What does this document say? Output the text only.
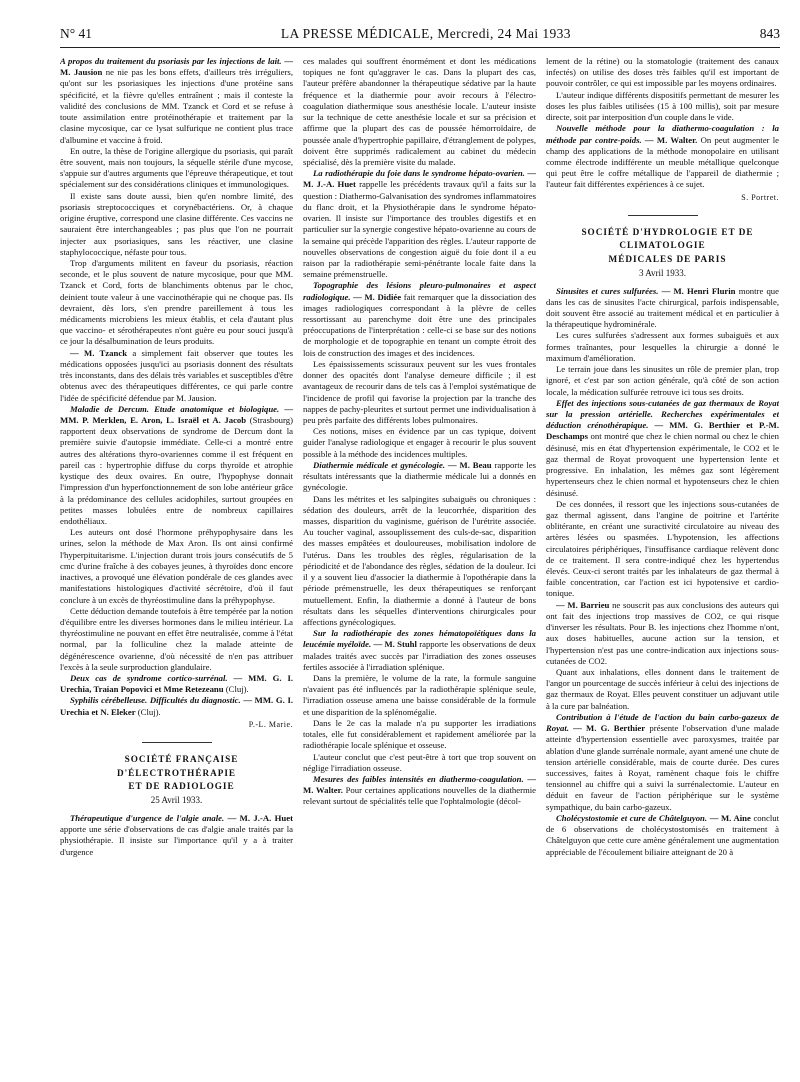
N° 41	LA PRESSE MÉDICALE, Mercredi, 24 Mai 1933	843

A propos du traitement du psoriasis par les injections de lait. — M. Jausion ne nie pas les bons effets, d'ailleurs très irréguliers, qu'ont sur les psoriasiques les injections d'une protéine sans spécificité, et la fièvre qu'elles entraînent ; mais il conteste la validité des conclusions de MM. Tzanck et Cord et se refuse à toute assimilation entre protéinothérapie et traitement par la clasine mycosique, car ce lysat sulfurique ne contient plus trace d'albumine et vaccine à froid.

En outre, la thèse de l'origine allergique du psoriasis, qui paraît être souvent, mais non toujours, la séquelle stérile d'une mycose, s'appuie sur d'autres arguments que l'épreuve thérapeutique, et tout spécialement sur des considérations cliniques et immunologiques.

Il existe sans doute aussi, bien qu'en nombre limité, des psoriasis streptococciques et corynébactériens. Or, à chaque origine éruptive, correspond une clasine différente. Ces vaccins ne sauraient être interchangeables ; pas plus que l'on ne pourrait injecter aux psoriasiques, sans les réactiver, une clasine staphylococcique, néfaste pour tous.

Trop d'arguments militent en faveur du psoriasis, réaction seconde, et le plus souvent de nature mycosique, pour que MM. Tzanck et Cord, forts de blanchiments obtenus par le choc, deinient toute valeur à une vaccinothérapie qui ne choque pas. Ils devraient, dès lors, s'en prendre pareillement à tous les médicaments microbiens les mieux établis, et cela d'autant plus que vaccino- et sérothérapeutes n'ont guère eu pour souci jusqu'à ce jour la désalbumination de leurs produits.

— M. Tzanck a simplement fait observer que toutes les médications opposées jusqu'ici au psoriasis donnent des résultats très inconstants, dans des délais très variables et susceptibles d'être obtenus avec des thérapeutiques différentes, ce qui parle contre l'idée de spécificité défendue par M. Jausion.

Maladie de Dercum. Etude anatomique et biologique. — MM. P. Merklen, E. Aron, L. Israël et A. Jacob (Strasbourg) rapportent deux observations de syndrome de Dercum dont la première suivie d'autopsie immédiate. Celle-ci a montré entre autres des altérations thyro-ovariennes comme il est fréquent en pareil cas : hypertrophie diffuse du corps thyroïde et atrophie kystique des deux ovaires. En outre, l'hypophyse donnait l'impression d'un hyperfonctionnement de son lobe antérieur grâce à la prédominance des cellules acidophiles, surtout groupées en petites masses lobulées entre de nombreux capillaires endothéliaux.

Les auteurs ont dosé l'hormone préhypophysaire dans les urines, selon la méthode de Max Aron. Ils ont ainsi confirmé l'hyperpituitarisme. L'injection durant trois jours consécutifs de 5 cmc d'urine fraîche à des cobayes jeunes, à thyroïdes donc encore inactives, a provoqué une élévation pondérale de ces glandes avec manifestations histologiques d'activité sécrétoire, d'où il faut conclure à un excès de thyréostimuline dans la préhypophyse.

Cette déduction demande toutefois à être tempérée par la notion d'équilibre entre les diverses hormones dans le milieu intérieur. La thyréostimuline ne pouvant en effet être neutralisée, comme à l'état normal, par la folliculine chez la malade atteinte de dégénérescence ovarienne, d'où nécessité de n'en pas attribuer l'excès à la seule surproduction glandulaire.

Deux cas de syndrome cortico-surrénal. — MM. G. I. Urechia, Traian Popovici et Mme Retezeanu (Cluj).

Syphilis cérébelleuse. Difficultés du diagnostic. — MM. G. I. Urechia et N. Eleker (Cluj).

P.-L. Marie.

SOCIÉTÉ FRANÇAISE D'ÉLECTROTHÉRAPIE

ET DE RADIOLOGIE

25 Avril 1933.

Thérapeutique d'urgence de l'algie anale. — M. J.-A. Huet apporte une série d'observations de cas d'algie anale traités par la physiothérapie. Il insiste sur l'importance qu'il y a à traiter d'urgence

ces malades qui souffrent énormément et dont les médications topiques ne font qu'aggraver le cas. Dans la plupart des cas, l'auteur préfère abandonner la thérapeutique sédative par la haute fréquence et la diathermie pour avoir recours à l'électro-coagulation diathermique sous anesthésie locale. L'auteur insiste sur la technique de cette anesthésie locale et sur sa précision et affirme que la plupart des cas de poussée hémorroïdaire, de poussée anale d'hypertrophie papillaire, d'étranglement de polypes, doivent être supprimés radicalement au cabinet du médecin spécialisé, dès la première visite du malade.

La radiothérapie du foie dans le syndrome hépato-ovarien. — M. J.-A. Huet rappelle les précédents travaux qu'il a faits sur la question : Diathermo-Galvanisation des syndromes inflammatoires du flanc droit, et la Physiothérapie dans le syndrome hépato-ovarien. Il insiste sur l'importance des troubles digestifs et en particulier sur la synergie congestive hépato-ovarienne au cours de la semaine qui précède l'apparition des règles. L'auteur rapporte de nouvelles observations de congestion aiguë du foie dont il a eu raison par la radiothérapie semi-pénétrante locale faite dans la semaine prémenstruelle.

Topographie des lésions pleuro-pulmonaires et aspect radiologique. — M. Didiée fait remarquer que la dissociation des images radiologiques correspondant à la plèvre de celles ressortissant au parenchyme doit être une des principales préoccupations de l'interprétation : celle-ci se base sur des notions de morphologie et de topographie en tenant un compte étroit des lois de construction des images et des incidences.

Les épaississements scissuraux peuvent sur les vues frontales donner des opacités dont l'analyse demeure difficile ; il est avantageux de recourir dans de tels cas à l'emploi systématique de l'incidence de profil qui favorise la projection par la tranche des nappes de pachy-pleurites et surtout permet une individualisation à peu près parfaite des différents lobes pulmonaires.

Ces notions, mises en évidence par un cas typique, doivent guider l'analyse radiologique et engager à recourir le plus souvent possible à la méthode des incidences multiples.

Diathermie médicale et gynécologie. — M. Beau rapporte les résultats intéressants que la diathermie médicale lui a donnés en gynécologie.

Dans les métrites et les salpingites subaiguës ou chroniques : sédation des douleurs, arrêt de la leucorrhée, disparition des masses, disparition du vaginisme, guérison de l'urétrite associée. Au toucher vaginal, assouplissement des culs-de-sac, disparition des masses empâtées et douloureuses, mobilisation indolore de l'utérus. Dans les troubles des règles, régularisation de la périodicité et de l'abondance des règles, sédation de la douleur. Ici il y a souvent lieu d'associer la diathermie à l'opothérapie dans la période prémenstruelle, les deux thérapeutiques se renforçant mutuellement. Enfin, la diathermie a donné à l'auteur de bons résultats dans les séquelles d'interventions chirurgicales pour affections gynécologiques.

Sur la radiothérapie des zones hématopoïétiques dans la leucémie myéloïde. — M. Stuhl rapporte les observations de deux malades traités avec succès par l'irradiation des zones osseuses fertiles associée à l'irradiation splénique.

Dans la première, le volume de la rate, la formule sanguine n'avaient pas été influencés par la radiothérapie splénique seule, l'irradiation osseuse amena une baisse considérable de la formule et une disparition de la splénomégalie.

Dans le 2e cas la malade n'a pu supporter les irradiations totales, elle fut considérablement et rapidement améliorée par la radiothérapie locale splénique et osseuse.

L'auteur conclut que c'est peut-être à tort que trop souvent on néglige l'irradiation osseuse.

Mesures des faibles intensités en diathermo-coagulation. — M. Walter. Pour certaines applications nouvelles de la diathermie relevant surtout de spécialités telle que l'ophtalmologie (décol-

lement de la rétine) ou la stomatologie (traitement des canaux infectés) on utilise des doses très faibles qu'il est important de pouvoir contrôler, ce qui est impossible par les moyens ordinaires.

L'auteur indique différents dispositifs permettant de mesurer les doses les plus faibles utilisées (15 à 100 millis), soit par mesure directe, soit par interposition d'un couple dans le vide.

Nouvelle méthode pour la diathermo-coagulation : la méthode par contre-poids. — M. Walter. On peut augmenter le champ des applications de la méthode monopolaire en utilisant comme électrode indifférente un meuble métallique quelconque qui peut être le coffre métallique de l'appareil de diathermie ; l'auteur fait différentes expériences à ce sujet.

S. Portret.

SOCIÉTÉ D'HYDROLOGIE ET DE CLIMATOLOGIE

MÉDICALES DE PARIS

3 Avril 1933.

Sinusites et cures sulfurées. — M. Henri Flurin montre que dans les cas de sinusites l'acte chirurgical, parfois indispensable, doit souvent être associé au traitement médical et en particulier à la thérapeutique hydrominérale.

Les cures sulfurées s'adressent aux formes subaiguës et aux formes traînantes, pour lesquelles la chirurgie a donné le maximum d'amélioration.

Le terrain joue dans les sinusites un rôle de premier plan, trop ignoré, et c'est par son action générale, qu'à côté de son action locale, la médication sulfurée retrouve ici tous ses droits.

Effet des injections sous-cutanées de gaz thermaux de Royat sur la pression artérielle. Recherches expérimentales et déduction crénothérapique. — MM. G. Berthier et P.-M. Deschamps ont montré que chez le chien normal ou chez le chien désinusé, mis en état d'hypertension expérimentale, le CO2 et le gaz thermal de Royat provoquent une hypertension lente et progressive. En inhalation, les mêmes gaz sont légèrement hypertenseurs chez le chien normal et hypotenseurs chez le chien désinusé.

De ces données, il ressort que les injections sous-cutanées de gaz thermal agissent, dans l'angine de poitrine et l'artérite oblitérante, en créant une suractivité circulatoire au niveau des artères lésées ou spasmées. L'hypotension, les affections circulatoires périphériques, l'insuffisance cardiaque relèvent donc de ce traitement. Il sera contre-indiqué chez les hypertendus élevés. Ceux-ci seront traités par les inhalateurs de gaz thermal à faible concentration, car l'action est ici hypotensive et cardio-tonique.

— M. Barrieu ne souscrit pas aux conclusions des auteurs qui ont fait des injections trop massives de CO2, ce qui risque d'inverser les résultats. Pour B. les injections chez l'homme n'ont, aux doses habituelles, aucune action sur la tension, et l'hypertension n'est pas une contre-indication aux injections sous-cutanées de CO2.

Quant aux inhalations, elles donnent dans le traitement de l'angor un pourcentage de succès inférieur à celui des injections de gaz thermaux de Royat. Elles peuvent constituer un adjuvant utile à la cure par balnéation.

Contribution à l'étude de l'action du bain carbo-gazeux de Royat. — M. G. Berthier présente l'observation d'une malade atteinte d'hypertension essentielle avec paroxysmes, traitée par ablation d'une glande surrénale normale, ayant amené une chute de tension artérielle considérable, mais de courte durée. Des cures successives, faites à Royat, ramènent chaque fois le chiffre tensionnel au chiffre qui a suivi la surrénalectomie. L'auteur en déduit en faveur de l'action périphérique sur le système sympathique, du bain carbo-gazeux.

Cholécystostomie et cure de Châtelguyon. — M. Aine conclut de 6 observations de cholécystostomisés en traitement à Châtelguyon que cette cure amène généralement une augmentation appréciable de l'écoulement biliaire atteignant de 20 à
